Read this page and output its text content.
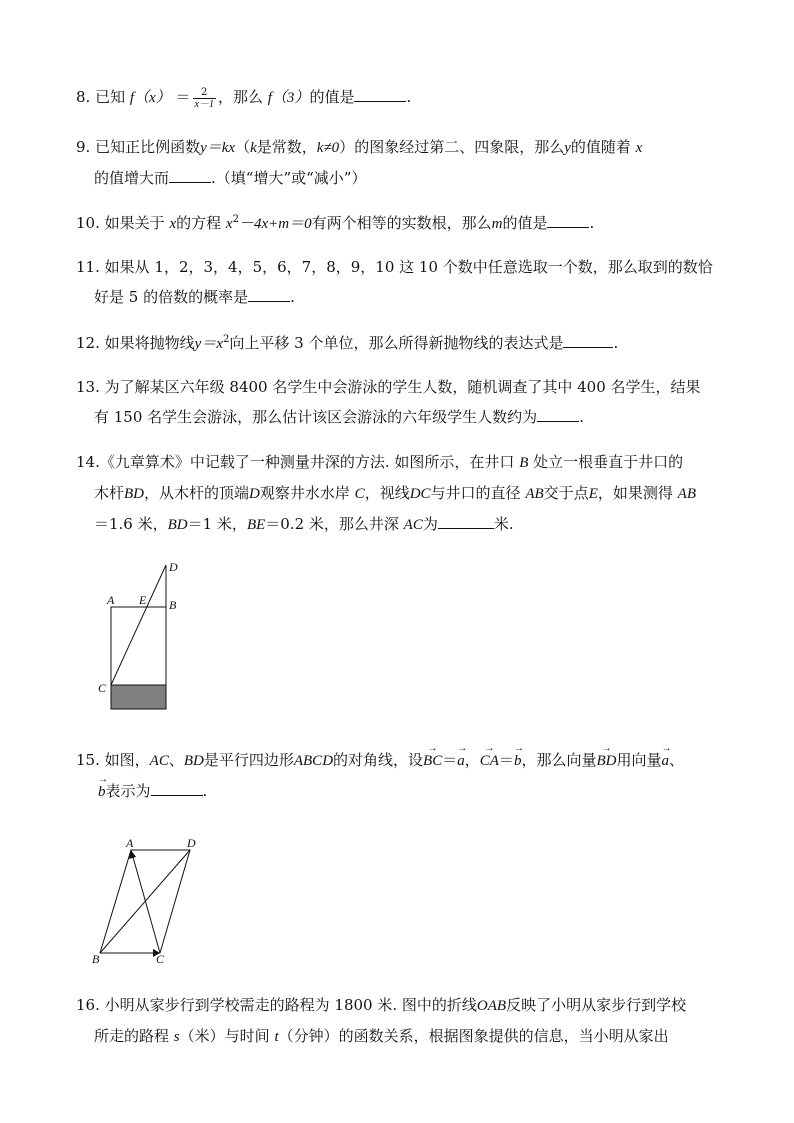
8. 已知 $f(x) = \frac{2}{x-1}$ ，那么 f（3）的值是	.
9. 已知正比例函数y＝kx（k是常数，k≠0）的图象经过第二、四象限，那么y的值随着 x
的值增大而	.（填“增大”或“减小”）
10. 如果关于 x的方程 $x^2-4x+m=0$有两个相等的实数根，那么m的值是	.
11. 如果从 1，2，3，4，5，6，7，8，9，10 这 10 个数中任意选取一个数，那么取到的数恰
好是 5 的倍数的概率是	.
12. 如果将抛物线$y=x^2$向上平移 3 个单位，那么所得新抛物线的表达式是	.
13. 为了解某区六年级 8400 名学生中会游泳的学生人数，随机调查了其中 400 名学生，结果
有 150 名学生会游泳，那么估计该区会游泳的六年级学生人数约为	.
14.《九章算术》中记载了一种测量井深的方法. 如图所示，在井口 B 处立一根垂直于井口的
木杆BD，从木杆的顶端D观察井水水岸 C，视线DC与井口的直径 AB交于点E，如果测得 AB
＝1.6 米，BD＝1 米，BE＝0.2 米，那么井深 AC为	米.
A E B
D
C
15. 如图，AC、BD是平行四边形ABCD的对角线，设→ BC＝→ a，→ CA＝→ b，那么向量→ BD用向量→ a、
→ b表示为	.
A	D
B	C
16. 小明从家步行到学校需走的路程为 1800 米. 图中的折线OAB反映了小明从家步行到学校
所走的路程 s（米）与时间 t（分钟）的函数关系，根据图象提供的信息，当小明从家出
